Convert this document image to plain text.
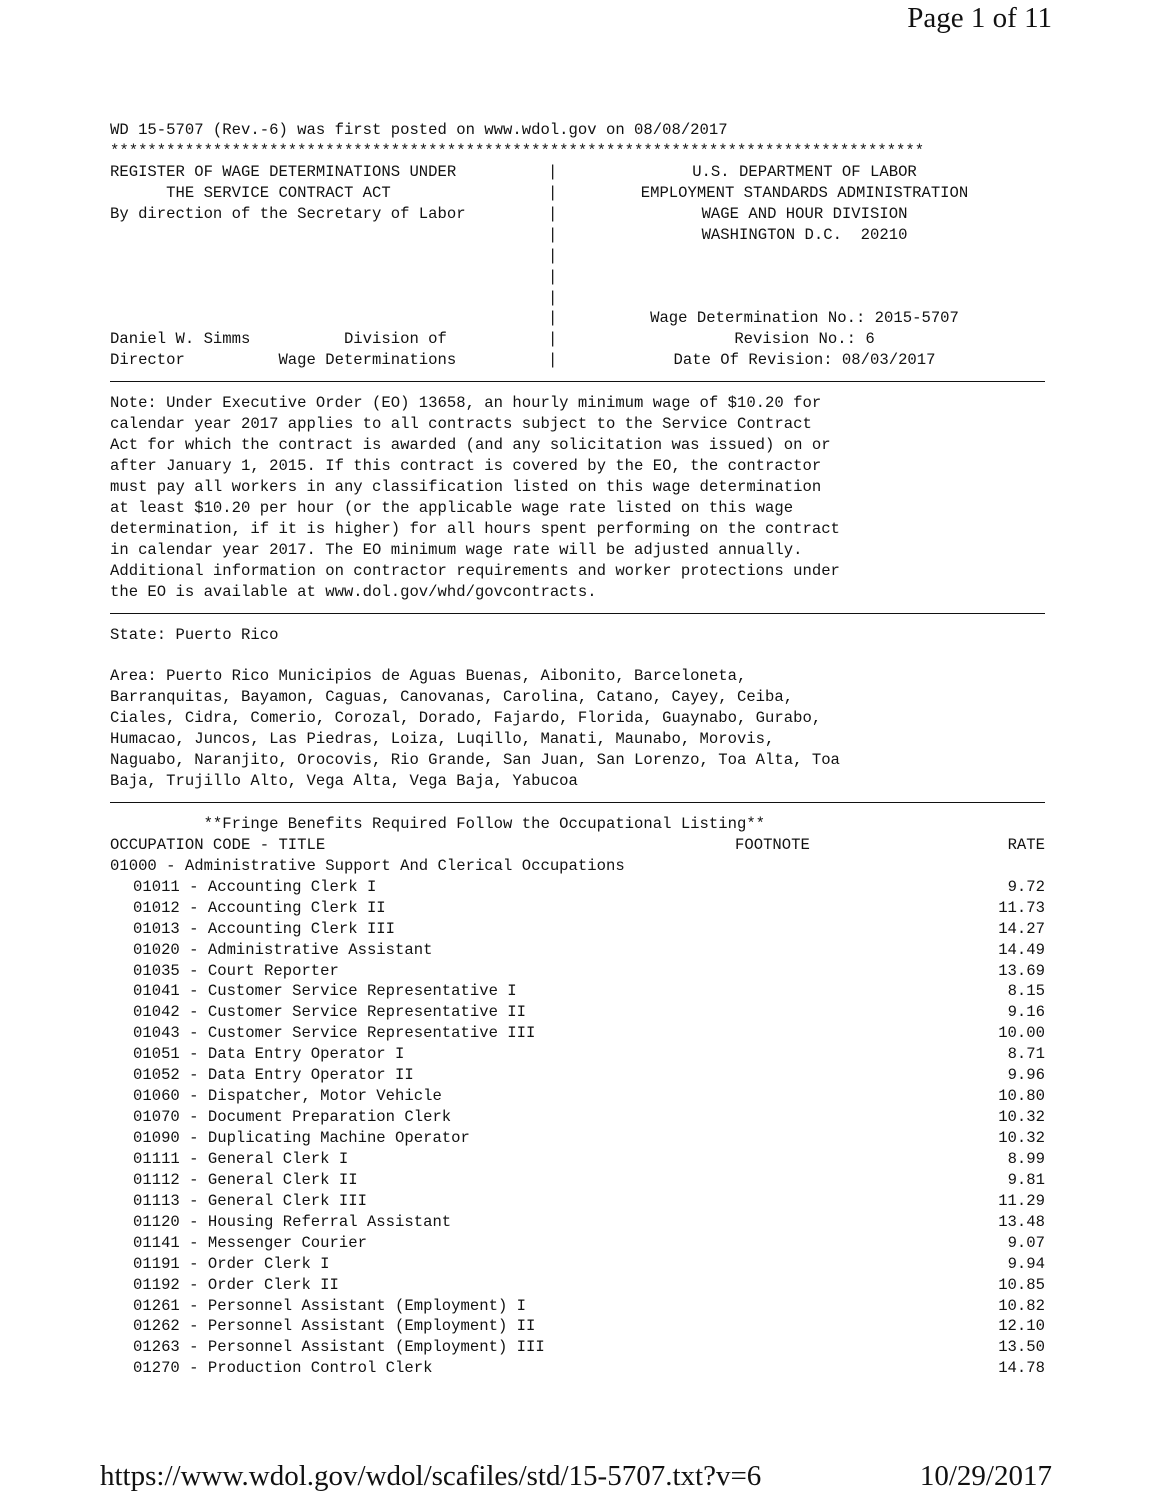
Page 1 of 11
WD 15-5707 (Rev.-6) was first posted on www.wdol.gov on 08/08/2017
***************************************************************************************
REGISTER OF WAGE DETERMINATIONS UNDER	|	U.S. DEPARTMENT OF LABOR
THE SERVICE CONTRACT ACT	|	EMPLOYMENT STANDARDS ADMINISTRATION
By direction of the Secretary of Labor	|	WAGE AND HOUR DIVISION
|	WASHINGTON D.C.  20210
|
|
|
|	Wage Determination No.: 2015-5707
Daniel W. Simms          Division of	|	Revision No.: 6
Director          Wage Determinations	|	Date Of Revision: 08/03/2017
Note: Under Executive Order (EO) 13658, an hourly minimum wage of $10.20 for
calendar year 2017 applies to all contracts subject to the Service Contract
Act for which the contract is awarded (and any solicitation was issued) on or
after January 1, 2015. If this contract is covered by the EO, the contractor
must pay all workers in any classification listed on this wage determination
at least $10.20 per hour (or the applicable wage rate listed on this wage
determination, if it is higher) for all hours spent performing on the contract
in calendar year 2017. The EO minimum wage rate will be adjusted annually.
Additional information on contractor requirements and worker protections under
the EO is available at www.dol.gov/whd/govcontracts.
State: Puerto Rico
Area: Puerto Rico Municipios de Aguas Buenas, Aibonito, Barceloneta,
Barranquitas, Bayamon, Caguas, Canovanas, Carolina, Catano, Cayey, Ceiba,
Ciales, Cidra, Comerio, Corozal, Dorado, Fajardo, Florida, Guaynabo, Gurabo,
Humacao, Juncos, Las Piedras, Loiza, Luqillo, Manati, Maunabo, Morovis,
Naguabo, Naranjito, Orocovis, Rio Grande, San Juan, San Lorenzo, Toa Alta, Toa
Baja, Trujillo Alto, Vega Alta, Vega Baja, Yabucoa
**Fringe Benefits Required Follow the Occupational Listing**
OCCUPATION CODE - TITLE	FOOTNOTE	RATE
01000 - Administrative Support And Clerical Occupations
01011 - Accounting Clerk I	9.72
01012 - Accounting Clerk II	11.73
01013 - Accounting Clerk III	14.27
01020 - Administrative Assistant	14.49
01035 - Court Reporter	13.69
01041 - Customer Service Representative I	8.15
01042 - Customer Service Representative II	9.16
01043 - Customer Service Representative III	10.00
01051 - Data Entry Operator I	8.71
01052 - Data Entry Operator II	9.96
01060 - Dispatcher, Motor Vehicle	10.80
01070 - Document Preparation Clerk	10.32
01090 - Duplicating Machine Operator	10.32
01111 - General Clerk I	8.99
01112 - General Clerk II	9.81
01113 - General Clerk III	11.29
01120 - Housing Referral Assistant	13.48
01141 - Messenger Courier	9.07
01191 - Order Clerk I	9.94
01192 - Order Clerk II	10.85
01261 - Personnel Assistant (Employment) I	10.82
01262 - Personnel Assistant (Employment) II	12.10
01263 - Personnel Assistant (Employment) III	13.50
01270 - Production Control Clerk	14.78
https://www.wdol.gov/wdol/scafiles/std/15-5707.txt?v=6	10/29/2017
